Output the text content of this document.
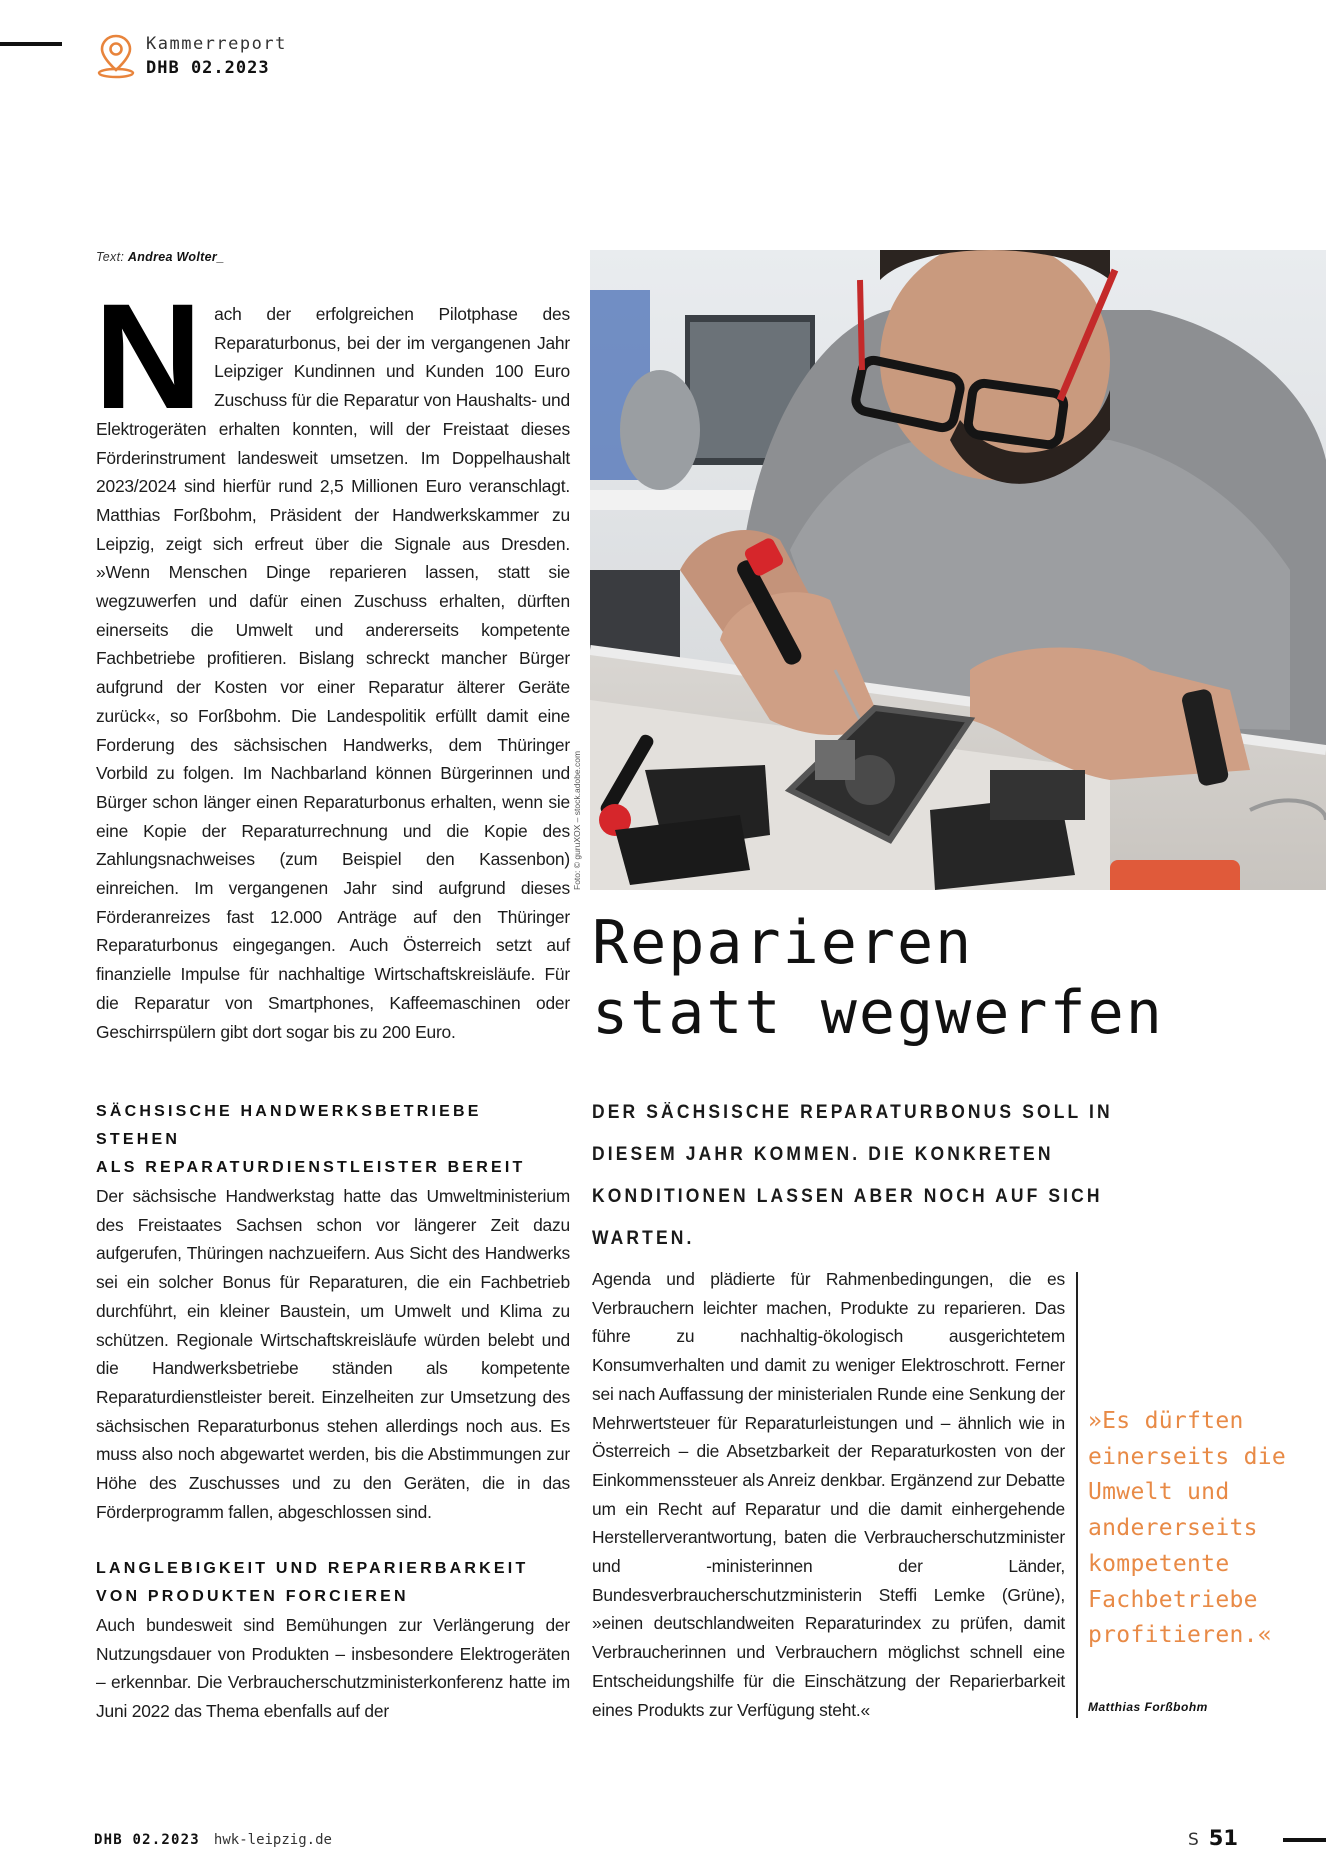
Kammerreport
DHB 02.2023
Text: Andrea Wolter_
Nach der erfolgreichen Pilotphase des Reparaturbonus, bei der im vergangenen Jahr Leipziger Kundinnen und Kunden 100 Euro Zuschuss für die Reparatur von Haushalts- und Elektrogeräten erhalten konnten, will der Freistaat dieses Förderinstrument landesweit umsetzen. Im Doppelhaushalt 2023/2024 sind hierfür rund 2,5 Millionen Euro veranschlagt. Matthias Forßbohm, Präsident der Handwerkskammer zu Leipzig, zeigt sich erfreut über die Signale aus Dresden. »Wenn Menschen Dinge reparieren lassen, statt sie wegzuwerfen und dafür einen Zuschuss erhalten, dürften einerseits die Umwelt und andererseits kompetente Fachbetriebe profitieren. Bislang schreckt mancher Bürger aufgrund der Kosten vor einer Reparatur älterer Geräte zurück«, so Forßbohm. Die Landespolitik erfüllt damit eine Forderung des sächsischen Handwerks, dem Thüringer Vorbild zu folgen. Im Nachbarland können Bürgerinnen und Bürger schon länger einen Reparaturbonus erhalten, wenn sie eine Kopie der Reparaturrechnung und die Kopie des Zahlungsnachweises (zum Beispiel den Kassenbon) einreichen. Im vergangenen Jahr sind aufgrund dieses Förderanreizes fast 12.000 Anträge auf den Thüringer Reparaturbonus eingegangen. Auch Österreich setzt auf finanzielle Impulse für nachhaltige Wirtschaftskreisläufe. Für die Reparatur von Smartphones, Kaffeemaschinen oder Geschirrspülern gibt dort sogar bis zu 200 Euro.
SÄCHSISCHE HANDWERKSBETRIEBE STEHEN
ALS REPARATURDIENSTLEISTER BEREIT

Der sächsische Handwerkstag hatte das Umweltministerium des Freistaates Sachsen schon vor längerer Zeit dazu aufgerufen, Thüringen nachzueifern. Aus Sicht des Handwerks sei ein solcher Bonus für Reparaturen, die ein Fachbetrieb durchführt, ein kleiner Baustein, um Umwelt und Klima zu schützen. Regionale Wirtschaftskreisläufe würden belebt und die Handwerksbetriebe ständen als kompetente Reparaturdienstleister bereit. Einzelheiten zur Umsetzung des sächsischen Reparaturbonus stehen allerdings noch aus. Es muss also noch abgewartet werden, bis die Abstimmungen zur Höhe des Zuschusses und zu den Geräten, die in das Förderprogramm fallen, abgeschlossen sind.

LANGLEBIGKEIT UND REPARIERBARKEIT
VON PRODUKTEN FORCIEREN

Auch bundesweit sind Bemühungen zur Verlängerung der Nutzungsdauer von Produkten – insbesondere Elektrogeräten – erkennbar. Die Verbraucherschutzministerkonferenz hatte im Juni 2022 das Thema ebenfalls auf der

Foto: © guruXOX – stock.adobe.com
Reparieren
statt wegwerfen
DER SÄCHSISCHE REPARATURBONUS SOLL IN DIESEM JAHR KOMMEN. DIE KONKRETEN KONDITIONEN LASSEN ABER NOCH AUF SICH WARTEN.
Agenda und plädierte für Rahmenbedingungen, die es Verbrauchern leichter machen, Produkte zu reparieren. Das führe zu nachhaltig-ökologisch ausgerichtetem Konsumverhalten und damit zu weniger Elektroschrott. Ferner sei nach Auffassung der ministerialen Runde eine Senkung der Mehrwertsteuer für Reparaturleistungen und – ähnlich wie in Österreich – die Absetzbarkeit der Reparaturkosten von der Einkommenssteuer als Anreiz denkbar. Ergänzend zur Debatte um ein Recht auf Reparatur und die damit einhergehende Herstellerverantwortung, baten die Verbraucherschutzminister und -ministerinnen der Länder, Bundesverbraucherschutzministerin Steffi Lemke (Grüne), »einen deutschlandweiten Reparaturindex zu prüfen, damit Verbraucherinnen und Verbrauchern möglichst schnell eine Entscheidungshilfe für die Einschätzung der Reparierbarkeit eines Produkts zur Verfügung steht.«
»Es dürften einerseits die Umwelt und andererseits kompetente Fachbetriebe profitieren.«
Matthias Forßbohm
DHB 02.2023 hwk-leipzig.de	S 51
